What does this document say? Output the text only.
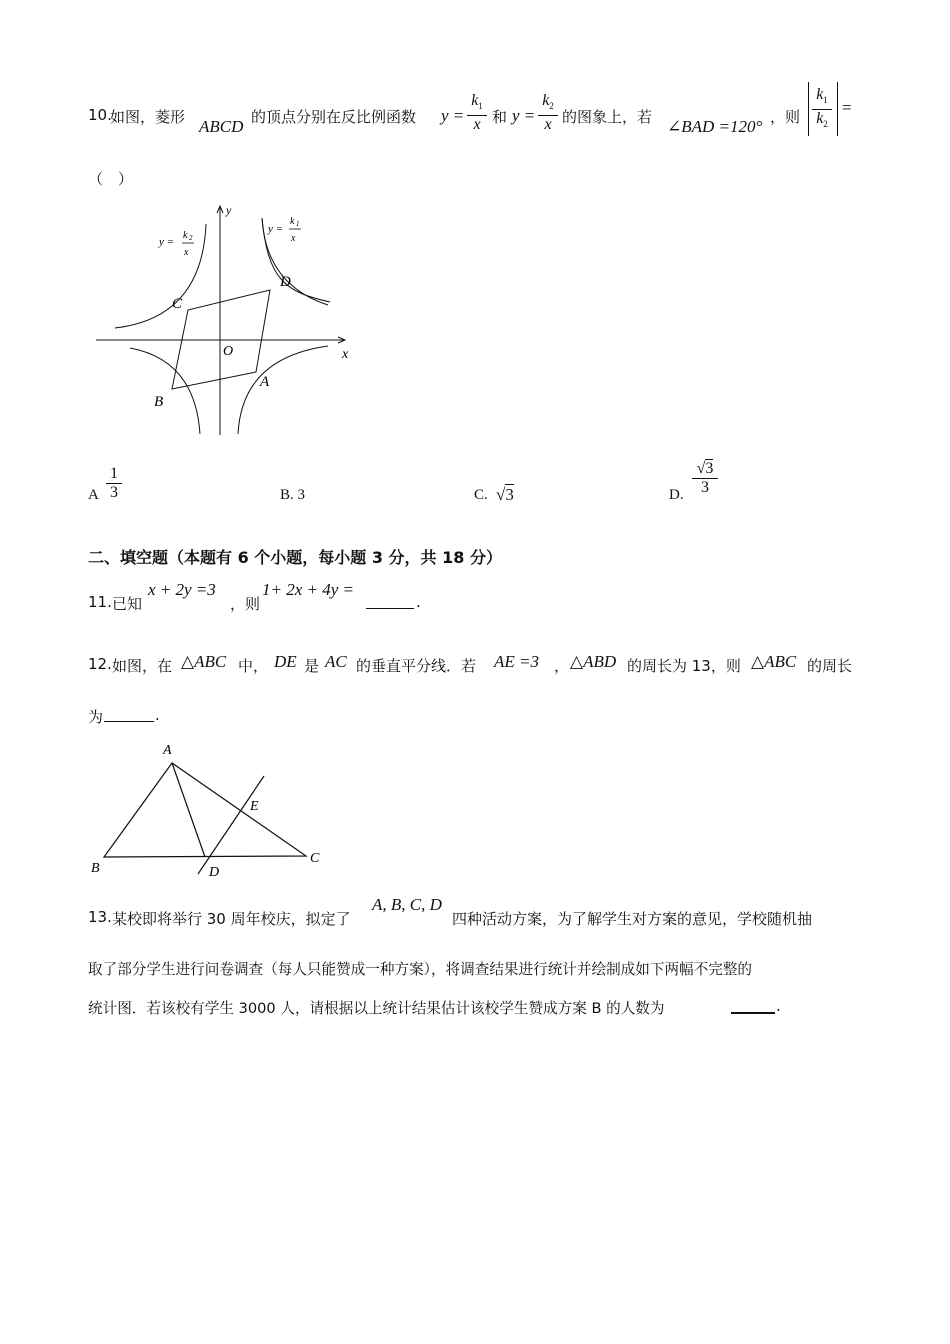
10.
如图，菱形 ABCD 的顶点分别在反比例函数 y =
$k_1$
x 和 y =
$k_2$
x 的图象上，若 ∠BAD =120° ，则
$k_1$
$k_2$
=
（　）
y
x
O
A
B
C
D
y =
k 2
x
y =
k 1
x
A
1
3	B. 3	C. √3	D.
√3
3
二、填空题（本题有 6 个小题，每小题 3 分，共 18 分）
11. 已知
x + 2y =3
，则
1+ 2x + 4y =
.
12. 如图，在 △ABC 中， DE 是 AC 的垂直平分线．若 AE =3 ， △ABD 的周长为 13，则 △ABC 的周长
为	.
A
B
C
D
E
13. 某校即将举行 30 周年校庆，拟定了
A, B, C, D
四种活动方案，为了解学生对方案的意见，学校随机抽
取了部分学生进行问卷调查（每人只能赞成一种方案），将调查结果进行统计并绘制成如下两幅不完整的
统计图．若该校有学生 3000 人，请根据以上统计结果估计该校学生赞成方案 B 的人数为	.
